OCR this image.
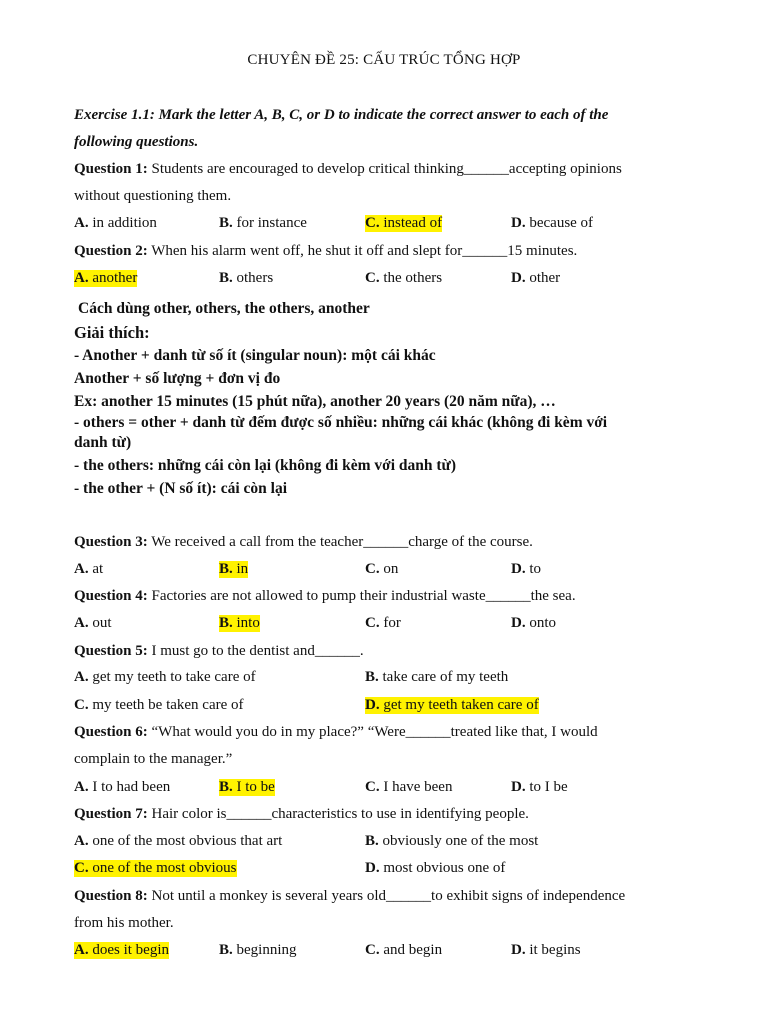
CHUYÊN ĐỀ 25: CẤU TRÚC TỔNG HỢP
Exercise 1.1: Mark the letter A, B, C, or D to indicate the correct answer to each of the
following questions.
Question 1: Students are encouraged to develop critical thinking______accepting opinions
without questioning them.
A. in addition	B. for instance	C. instead of	D. because of
Question 2: When his alarm went off, he shut it off and slept for______15 minutes.
A. another	B. others	C. the others	D. other
Cách dùng other, others, the others, another
Giải thích:
- Another + danh từ số ít (singular noun): một cái khác
Another + số lượng + đơn vị đo
Ex: another 15 minutes (15 phút nữa), another 20 years (20 năm nữa), …
- others = other + danh từ đếm được số nhiều: những cái khác (không đi kèm với
danh từ)
- the others: những cái còn lại (không đi kèm với danh từ)
- the other + (N số ít): cái còn lại
Question 3: We received a call from the teacher______charge of the course.
A. at	B. in	C. on	D. to
Question 4: Factories are not allowed to pump their industrial waste______the sea.
A. out	B. into	C. for	D. onto
Question 5: I must go to the dentist and______.
A. get my teeth to take care of	B. take care of my teeth
C. my teeth be taken care of	D. get my teeth taken care of
Question 6: “What would you do in my place?” “Were______treated like that, I would
complain to the manager.”
A. I to had been	B. I to be	C. I have been	D. to I be
Question 7: Hair color is______characteristics to use in identifying people.
A. one of the most obvious that art	B. obviously one of the most
C. one of the most obvious	D. most obvious one of
Question 8: Not until a monkey is several years old______to exhibit signs of independence
from his mother.
A. does it begin	B. beginning	C. and begin	D. it begins
